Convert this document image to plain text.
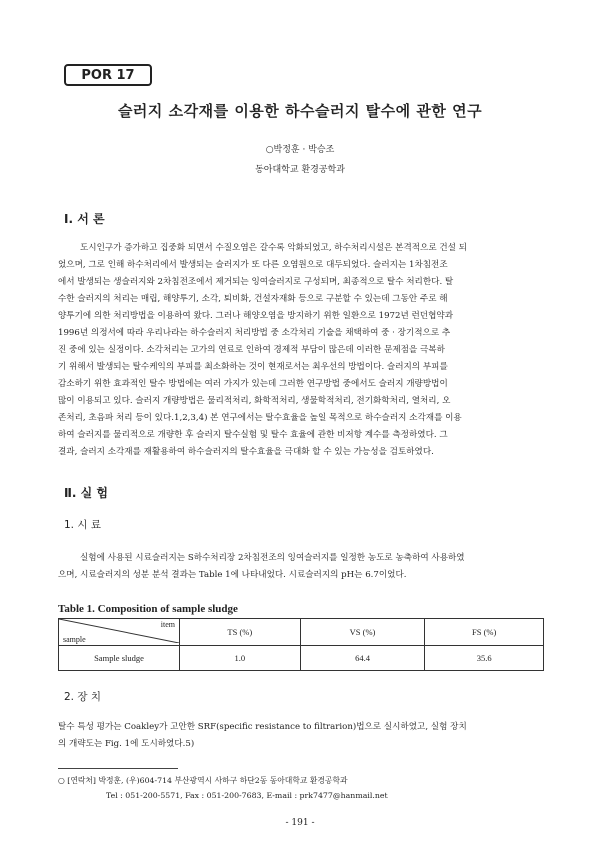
POR 17
슬러지 소각재를 이용한 하수슬러지 탈수에 관한 연구
○박정훈 · 박승조
동아대학교 환경공학과
Ⅰ. 서 론
도시인구가 증가하고 집중화 되면서 수질오염은 갈수록 악화되었고, 하수처리시설은 본격적으로 건설 되
었으며, 그로 인해 하수처리에서 발생되는 슬러지가 또 다른 오염원으로 대두되었다. 슬러지는 1차침전조
에서 발생되는 생슬러지와 2차침전조에서 제거되는 잉여슬러지로 구성되며, 최종적으로 탈수 처리한다. 탈
수한 슬러지의 처리는 매립, 해양투기, 소각, 퇴비화, 건설자재화 등으로 구분할 수 있는데 그동안 주로 해
양투기에 의한 처리방법을 이용하여 왔다. 그러나 해양오염을 방지하기 위한 일환으로 1972년 런던협약과
1996년 의정서에 따라 우리나라는 하수슬러지 처리방법 중 소각처리 기술을 채택하여 중 · 장기적으로 추
진 중에 있는 실정이다. 소각처리는 고가의 연료로 인하여 경제적 부담이 많은데 이러한 문제점을 극복하
기 위해서 발생되는 탈수케익의 부피를 최소화하는 것이 현재로서는 최우선의 방법이다. 슬러지의 부피를
감소하기 위한 효과적인 탈수 방법에는 여러 가지가 있는데 그러한 연구방법 중에서도 슬러지 개량방법이
많이 이용되고 있다. 슬러지 개량방법은 물리적처리, 화학적처리, 생물학적처리, 전기화학처리, 열처리, 오
존처리, 초음파 처리 등이 있다.1,2,3,4) 본 연구에서는 탈수효율을 높일 목적으로 하수슬러지 소각재를 이용
하여 슬러지를 물리적으로 개량한 후 슬러지 탈수실험 및 탈수 효율에 관한 비저항 계수를 측정하였다. 그
결과, 슬러지 소각재를 재활용하여 하수슬러지의 탈수효율을 극대화 할 수 있는 가능성을 검토하였다.
Ⅱ. 실 험
1. 시 료
실험에 사용된 시료슬러지는 S하수처리장 2차침전조의 잉여슬러지를 일정한 농도로 농축하여 사용하였
으며, 시료슬러지의 성분 분석 결과는 Table 1에 나타내었다. 시료슬러지의 pH는 6.7이었다.
Table 1. Composition of sample sludge
item
sample	TS (%)	VS (%)	FS (%)
Sample sludge	1.0	64.4	35.6
2. 장 치
탈수 특성 평가는 Coakley가 고안한 SRF(specific resistance to filtrarion)법으로 실시하였고, 실험 장치
의 개략도는 Fig. 1에 도시하였다.5)
○ [연락처] 박정훈, (우)604-714 부산광역시 사하구 하단2동 동아대학교 환경공학과
Tel : 051-200-5571, Fax : 051-200-7683, E-mail : prk7477@hanmail.net
- 191 -
